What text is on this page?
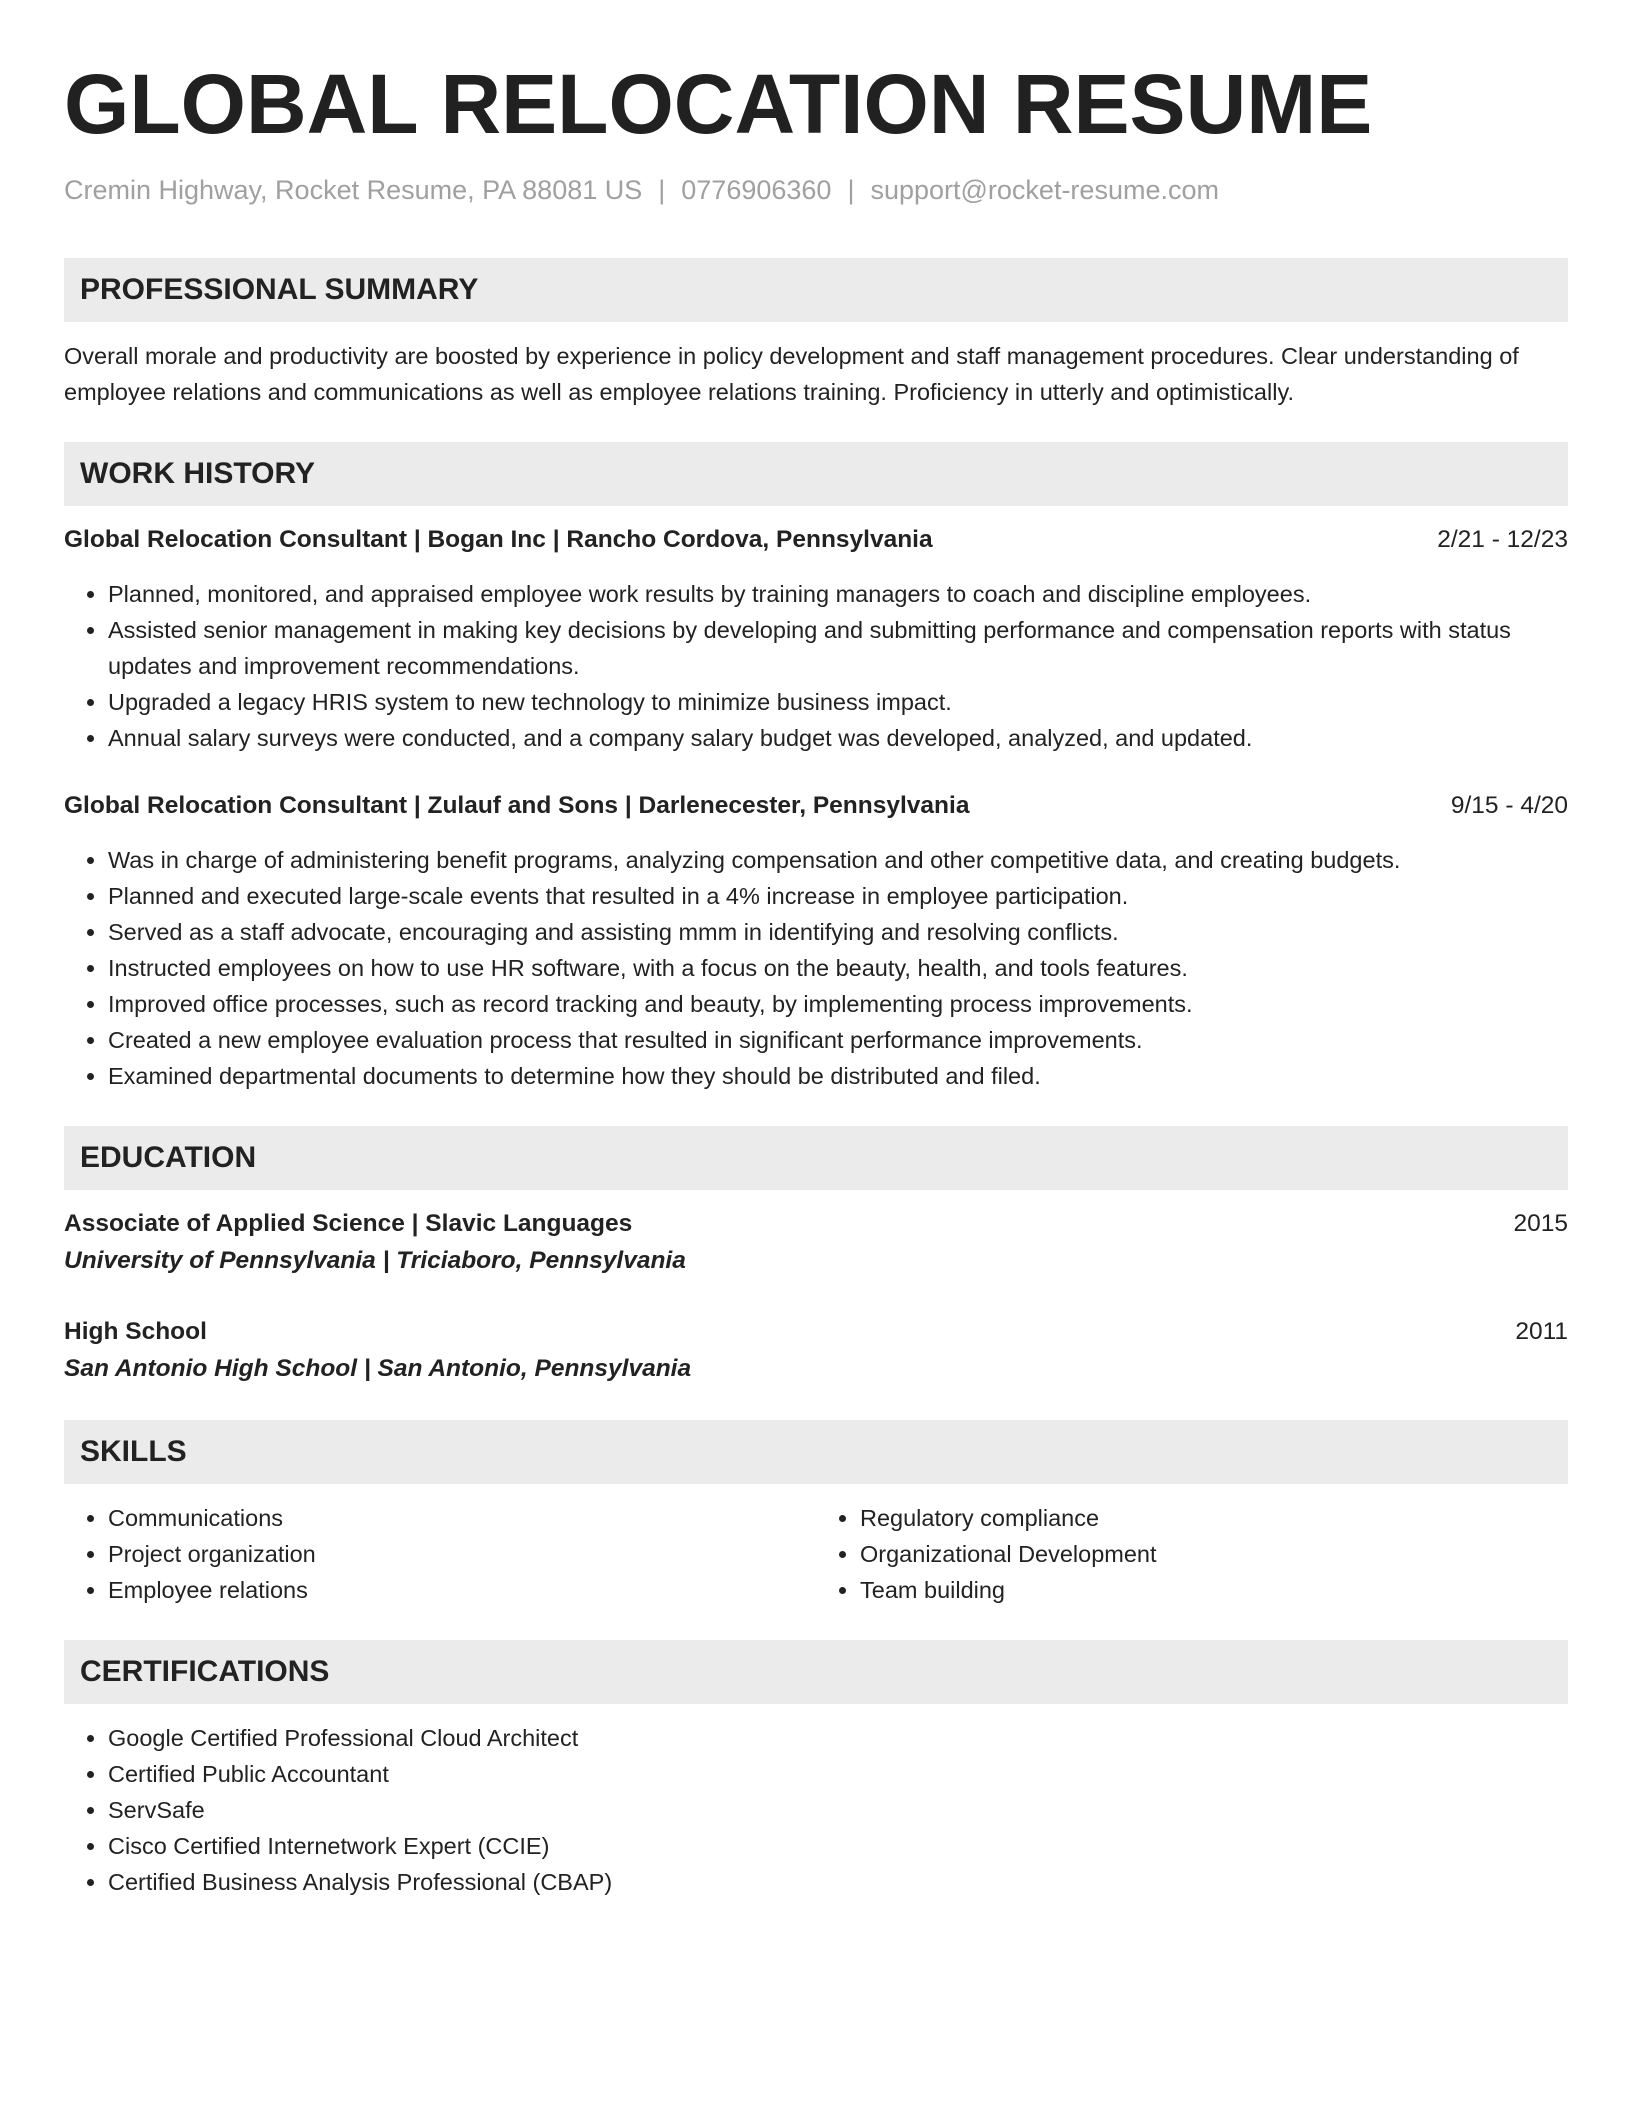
GLOBAL RELOCATION RESUME
Cremin Highway, Rocket Resume, PA 88081 US | 0776906360 | support@rocket-resume.com
PROFESSIONAL SUMMARY

Overall morale and productivity are boosted by experience in policy development and staff management procedures. Clear understanding of employee relations and communications as well as employee relations training. Proficiency in utterly and optimistically.

WORK HISTORY
Global Relocation Consultant | Bogan Inc | Rancho Cordova, Pennsylvania	2/21 - 12/23
• Planned, monitored, and appraised employee work results by training managers to coach and discipline employees.
• Assisted senior management in making key decisions by developing and submitting performance and compensation reports with status updates and improvement recommendations.
• Upgraded a legacy HRIS system to new technology to minimize business impact.
• Annual salary surveys were conducted, and a company salary budget was developed, analyzed, and updated.
Global Relocation Consultant | Zulauf and Sons | Darlenecester, Pennsylvania	9/15 - 4/20
• Was in charge of administering benefit programs, analyzing compensation and other competitive data, and creating budgets.
• Planned and executed large-scale events that resulted in a 4% increase in employee participation.
• Served as a staff advocate, encouraging and assisting mmm in identifying and resolving conflicts.
• Instructed employees on how to use HR software, with a focus on the beauty, health, and tools features.
• Improved office processes, such as record tracking and beauty, by implementing process improvements.
• Created a new employee evaluation process that resulted in significant performance improvements.
• Examined departmental documents to determine how they should be distributed and filed.
EDUCATION
Associate of Applied Science | Slavic Languages	2015
University of Pennsylvania | Triciaboro, Pennsylvania
High School	2011
San Antonio High School | San Antonio, Pennsylvania
SKILLS
• Communications
• Project organization
• Employee relations
• Regulatory compliance
• Organizational Development
• Team building
CERTIFICATIONS
• Google Certified Professional Cloud Architect
• Certified Public Accountant
• ServSafe
• Cisco Certified Internetwork Expert (CCIE)
• Certified Business Analysis Professional (CBAP)
